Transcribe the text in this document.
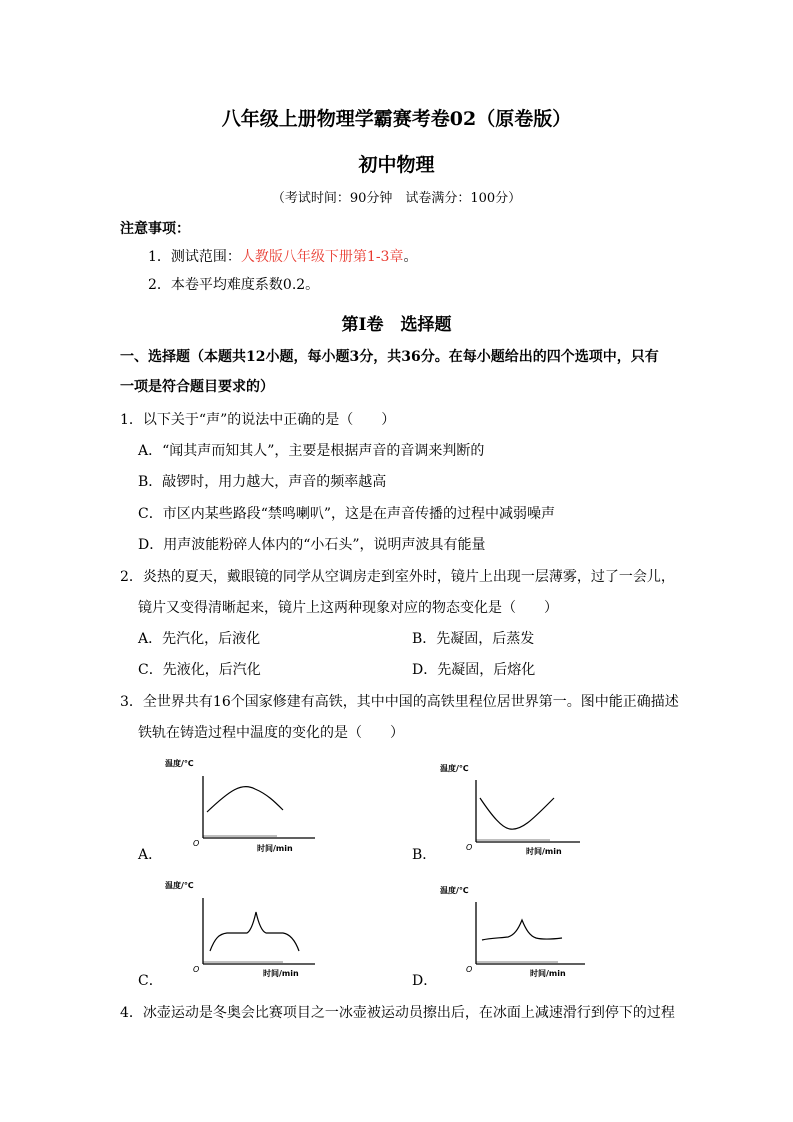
八年级上册物理学霸赛考卷02（原卷版）
初中物理
（考试时间：90分钟　试卷满分：100分）
注意事项：
1．测试范围：人教版八年级下册第1-3章。
2．本卷平均难度系数0.2。
第Ⅰ卷　选择题
一、选择题（本题共12小题，每小题3分，共36分。在每小题给出的四个选项中，只有
一项是符合题目要求的）
1．以下关于“声”的说法中正确的是（　　）
A．“闻其声而知其人”，主要是根据声音的音调来判断的
B．敲锣时，用力越大，声音的频率越高
C．市区内某些路段“禁鸣喇叭”，这是在声音传播的过程中减弱噪声
D．用声波能粉碎人体内的“小石头”，说明声波具有能量
2．炎热的夏天，戴眼镜的同学从空调房走到室外时，镜片上出现一层薄雾，过了一会儿，
镜片又变得清晰起来，镜片上这两种现象对应的物态变化是（　　）
A．先汽化，后液化	B．先凝固，后蒸发
C．先液化，后汽化	D．先凝固，后熔化
3．全世界共有16个国家修建有高铁，其中中国的高铁里程位居世界第一。图中能正确描述
铁轨在铸造过程中温度的变化的是（　　）
A．	B．
C．	D．
温度/℃
O
时间/min
温度/℃
O	时间/min
温度/℃
O	时间/min
温度/℃
O	时间/min
4．冰壶运动是冬奥会比赛项目之一冰壶被运动员擦出后，在冰面上减速滑行到停下的过程
